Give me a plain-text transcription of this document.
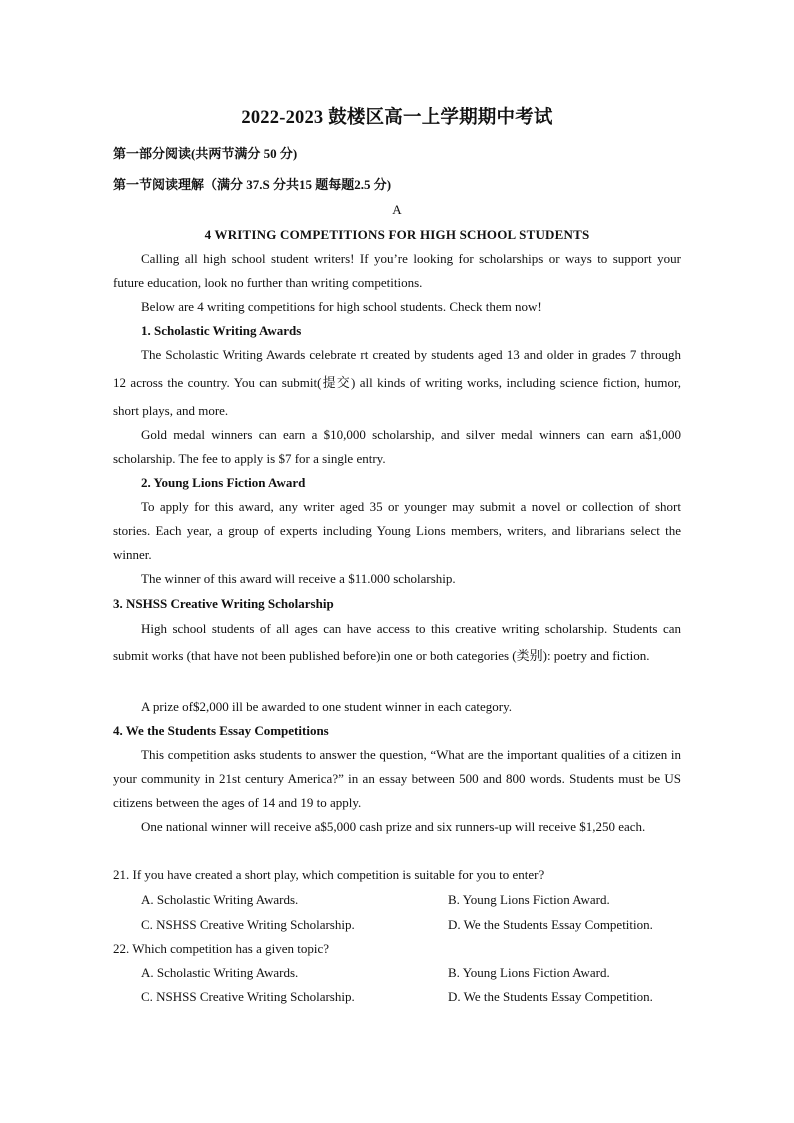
2022-2023 鼓楼区高一上学期期中考试
第一部分阅读(共两节满分 50 分)
第一节阅读理解（满分 37.S 分共15 题每题2.5 分)
A
4 WRITING COMPETITIONS FOR HIGH SCHOOL STUDENTS
Calling all high school student writers! If you’re looking for scholarships or ways to support your future education, look no further than writing competitions.
Below are 4 writing competitions for high school students. Check them now!
1. Scholastic Writing Awards
The Scholastic Writing Awards celebrate rt created by students aged 13 and older in grades 7 through 12 across the country. You can submit(提交) all kinds of writing works, including science fiction, humor, short plays, and more.
Gold medal winners can earn a $10,000 scholarship, and silver medal winners can earn a$1,000 scholarship. The fee to apply is $7 for a single entry.
2. Young Lions Fiction Award
To apply for this award, any writer aged 35 or younger may submit a novel or collection of short stories. Each year, a group of experts including Young Lions members, writers, and librarians select the winner.
The winner of this award will receive a $11.000 scholarship.
3. NSHSS Creative Writing Scholarship
High school students of all ages can have access to this creative writing scholarship. Students can submit works (that have not been published before)in one or both categories (类别): poetry and fiction.
A prize of$2,000 ill be awarded to one student winner in each category.
4. We the Students Essay Competitions
This competition asks students to answer the question, “What are the important qualities of a citizen in your community in 21st century America?” in an essay between 500 and 800 words. Students must be US citizens between the ages of 14 and 19 to apply.
One national winner will receive a$5,000 cash prize and six runners-up will receive $1,250 each.
21. If you have created a short play, which competition is suitable for you to enter?
A. Scholastic Writing Awards.	B. Young Lions Fiction Award.
C. NSHSS Creative Writing Scholarship.	D. We the Students Essay Competition.
22. Which competition has a given topic?
A. Scholastic Writing Awards.	B. Young Lions Fiction Award.
C. NSHSS Creative Writing Scholarship.	D. We the Students Essay Competition.
